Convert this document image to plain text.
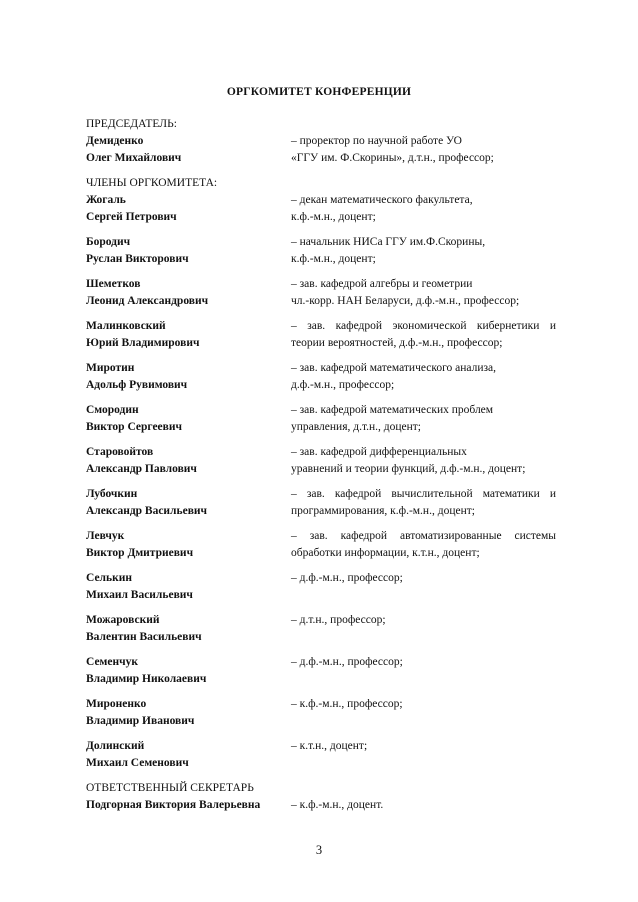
ОРГКОМИТЕТ КОНФЕРЕНЦИИ
ПРЕДСЕДАТЕЛЬ:
Демиденко
Олег Михайлович
– проректор по научной работе УО
«ГГУ им. Ф.Скорины», д.т.н., профессор;
ЧЛЕНЫ ОРГКОМИТЕТА:
Жогаль
Сергей Петрович
– декан математического факультета,
к.ф.-м.н., доцент;
Бородич
Руслан Викторович
– начальник НИСа ГГУ им.Ф.Скорины,
к.ф.-м.н., доцент;
Шеметков
Леонид Александрович
– зав. кафедрой алгебры и геометрии
чл.-корр. НАН Беларуси, д.ф.-м.н., профессор;
Малинковский
Юрий Владимирович
– зав. кафедрой экономической кибернетики и
теории вероятностей, д.ф.-м.н., профессор;
Миротин
Адольф Рувимович
– зав. кафедрой математического анализа,
д.ф.-м.н., профессор;
Смородин
Виктор Сергеевич
– зав. кафедрой математических проблем
управления, д.т.н., доцент;
Старовойтов
Александр Павлович
– зав. кафедрой дифференциальных
уравнений и теории функций, д.ф.-м.н., доцент;
Лубочкин
Александр Васильевич
– зав. кафедрой вычислительной математики и
программирования, к.ф.-м.н., доцент;
Левчук
Виктор Дмитриевич
– зав. кафедрой автоматизированные системы
обработки информации, к.т.н., доцент;
Селькин
Михаил Васильевич
– д.ф.-м.н., профессор;
Можаровский
Валентин Васильевич
– д.т.н., профессор;
Семенчук
Владимир Николаевич
– д.ф.-м.н., профессор;
Мироненко
Владимир Иванович
– к.ф.-м.н., профессор;
Долинский
Михаил Семенович
– к.т.н., доцент;
ОТВЕТСТВЕННЫЙ СЕКРЕТАРЬ
Подгорная Виктория Валерьевна	– к.ф.-м.н., доцент.
3
